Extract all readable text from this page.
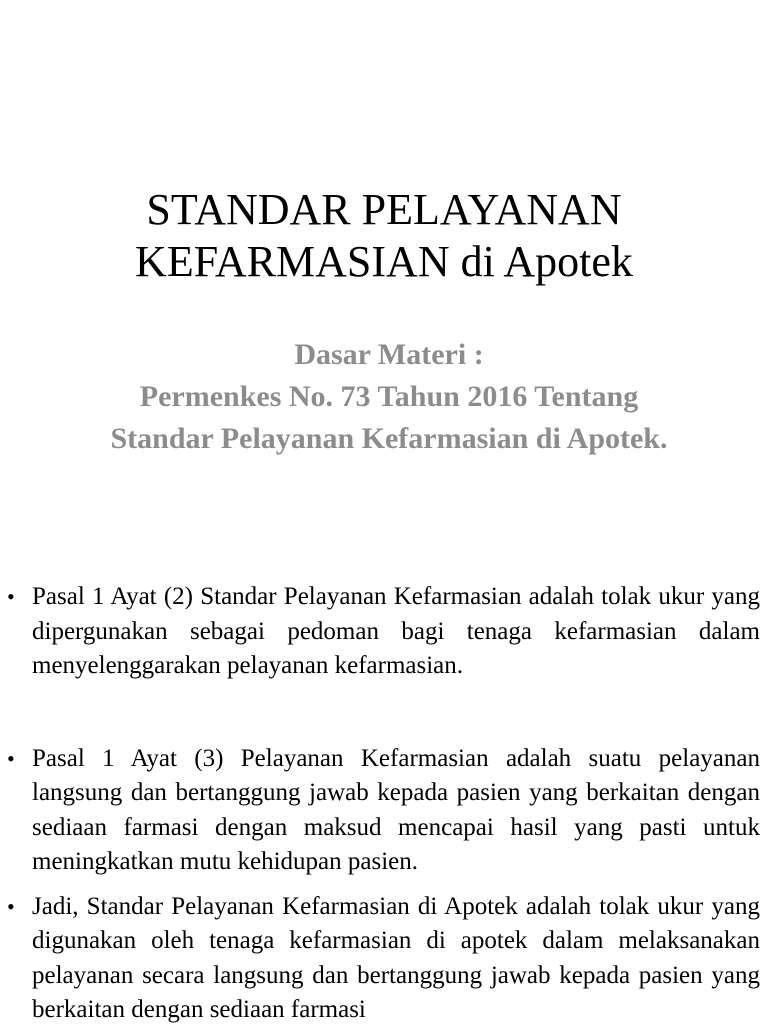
STANDAR PELAYANAN
KEFARMASIAN di Apotek
Dasar Materi :
Permenkes No. 73 Tahun 2016 Tentang
Standar Pelayanan Kefarmasian di Apotek.
• Pasal 1 Ayat (2) Standar Pelayanan Kefarmasian adalah tolak ukur yang dipergunakan sebagai pedoman bagi tenaga kefarmasian dalam menyelenggarakan pelayanan kefarmasian.
• Pasal 1 Ayat (3) Pelayanan Kefarmasian adalah suatu pelayanan langsung dan bertanggung jawab kepada pasien yang berkaitan dengan sediaan farmasi dengan maksud mencapai hasil yang pasti untuk meningkatkan mutu kehidupan pasien.
• Jadi, Standar Pelayanan Kefarmasian di Apotek adalah tolak ukur yang digunakan oleh tenaga kefarmasian di apotek dalam melaksanakan pelayanan secara langsung dan bertanggung jawab kepada pasien yang berkaitan dengan sediaan farmasi
